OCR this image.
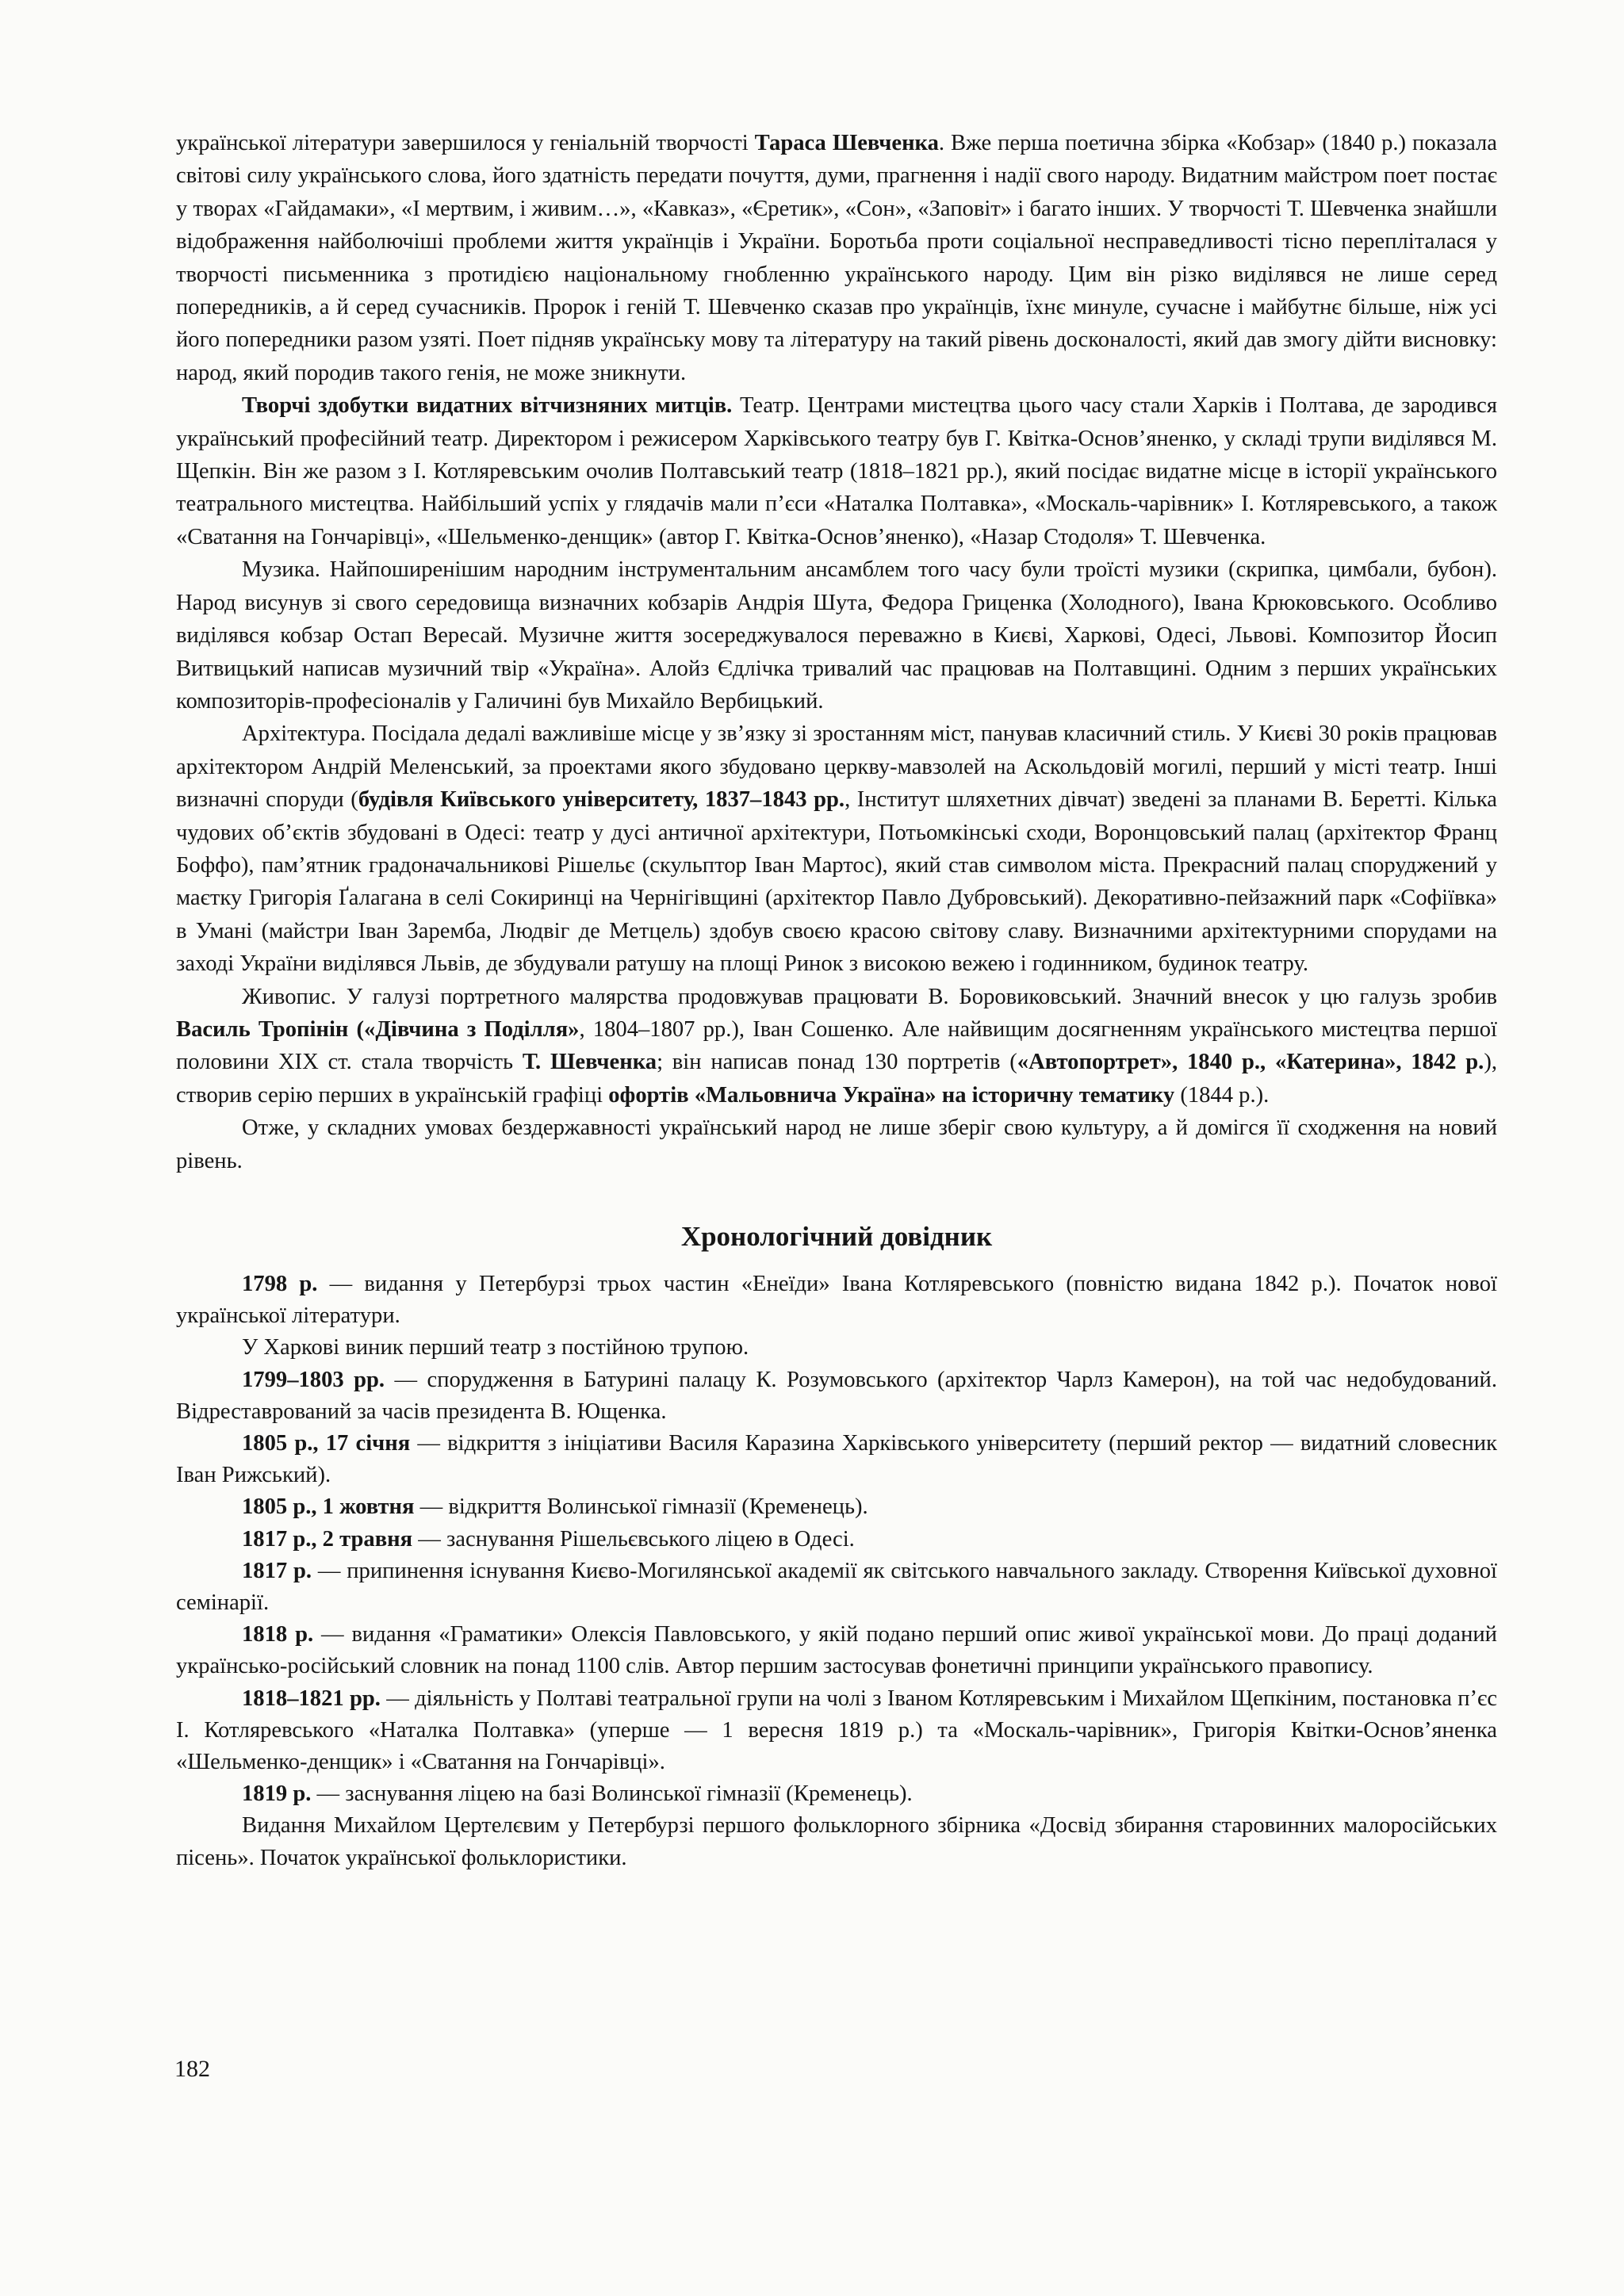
української літератури завершилося у геніальній творчості Тараса Шевченка. Вже перша поетична збірка «Кобзар» (1840 р.) показала світові силу українського слова, його здатність передати почуття, думи, прагнення і надії свого народу. Видатним майстром поет постає у творах «Гайдамаки», «І мертвим, і живим…», «Кавказ», «Єретик», «Сон», «Заповіт» і багато інших. У творчості Т. Шевченка знайшли відображення найболючіші проблеми життя українців і України. Боротьба проти соціальної несправедливості тісно перепліталася у творчості письменника з протидією національному гнобленню українського народу. Цим він різко виділявся не лише серед попередників, а й серед сучасників. Пророк і геній Т. Шевченко сказав про українців, їхнє минуле, сучасне і майбутнє більше, ніж усі його попередники разом узяті. Поет підняв українську мову та літературу на такий рівень досконалості, який дав змогу дійти висновку: народ, який породив такого генія, не може зникнути.

Творчі здобутки видатних вітчизняних митців. Театр. Центрами мистецтва цього часу стали Харків і Полтава, де зародився український професійний театр. Директором і режисером Харківського театру був Г. Квітка-Основ’яненко, у складі трупи виділявся М. Щепкін. Він же разом з І. Котляревським очолив Полтавський театр (1818–1821 рр.), який посідає видатне місце в історії українського театрального мистецтва. Найбільший успіх у глядачів мали п’єси «Наталка Полтавка», «Москаль-чарівник» І. Котляревського, а також «Сватання на Гончарівці», «Шельменко-денщик» (автор Г. Квітка-Основ’яненко), «Назар Стодоля» Т. Шевченка.

Музика. Найпоширенішим народним інструментальним ансамблем того часу були троїсті музики (скрипка, цимбали, бубон). Народ висунув зі свого середовища визначних кобзарів Андрія Шута, Федора Гриценка (Холодного), Івана Крюковського. Особливо виділявся кобзар Остап Вересай. Музичне життя зосереджувалося переважно в Києві, Харкові, Одесі, Львові. Композитор Йосип Витвицький написав музичний твір «Україна». Алойз Єдлічка тривалий час працював на Полтавщині. Одним з перших українських композиторів-професіоналів у Галичині був Михайло Вербицький.

Архітектура. Посідала дедалі важливіше місце у зв’язку зі зростанням міст, панував класичний стиль. У Києві 30 років працював архітектором Андрій Меленський, за проектами якого збудовано церкву-мавзолей на Аскольдовій могилі, перший у місті театр. Інші визначні споруди (будівля Київського університету, 1837–1843 рр., Інститут шляхетних дівчат) зведені за планами В. Беретті. Кілька чудових об’єктів збудовані в Одесі: театр у дусі античної архітектури, Потьомкінські сходи, Воронцовський палац (архітектор Франц Боффо), пам’ятник градоначальникові Рішельє (скульптор Іван Мартос), який став символом міста. Прекрасний палац споруджений у маєтку Григорія Ґалагана в селі Сокиринці на Чернігівщині (архітектор Павло Дубровський). Декоративно-пейзажний парк «Софіївка» в Умані (майстри Іван Заремба, Людвіг де Метцель) здобув своєю красою світову славу. Визначними архітектурними спорудами на заході України виділявся Львів, де збудували ратушу на площі Ринок з високою вежею і годинником, будинок театру.

Живопис. У галузі портретного малярства продовжував працювати В. Боровиковський. Значний внесок у цю галузь зробив Василь Тропінін («Дівчина з Поділля», 1804–1807 рр.), Іван Сошенко. Але найвищим досягненням українського мистецтва першої половини XIX ст. стала творчість Т. Шевченка; він написав понад 130 портретів («Автопортрет», 1840 р., «Катерина», 1842 р.), створив серію перших в українській графіці офортів «Мальовнича Україна» на історичну тематику (1844 р.).

Отже, у складних умовах бездержавності український народ не лише зберіг свою культуру, а й домігся її сходження на новий рівень.

Хронологічний довідник

1798 р. — видання у Петербурзі трьох частин «Енеїди» Івана Котляревського (повністю видана 1842 р.). Початок нової української літератури.

У Харкові виник перший театр з постійною трупою.

1799–1803 рр. — спорудження в Батурині палацу К. Розумовського (архітектор Чарлз Камерон), на той час недобудований. Відреставрований за часів президента В. Ющенка.

1805 р., 17 січня — відкриття з ініціативи Василя Каразина Харківського університету (перший ректор — видатний словесник Іван Рижський).

1805 р., 1 жовтня — відкриття Волинської гімназії (Кременець).

1817 р., 2 травня — заснування Рішельєвського ліцею в Одесі.

1817 р. — припинення існування Києво-Могилянської академії як світського навчального закладу. Створення Київської духовної семінарії.

1818 р. — видання «Граматики» Олексія Павловського, у якій подано перший опис живої української мови. До праці доданий українсько-російський словник на понад 1100 слів. Автор першим застосував фонетичні принципи українського правопису.

1818–1821 рр. — діяльність у Полтаві театральної групи на чолі з Іваном Котляревським і Михайлом Щепкіним, постановка п’єс І. Котляревського «Наталка Полтавка» (уперше — 1 вересня 1819 р.) та «Москаль-чарівник», Григорія Квітки-Основ’яненка «Шельменко-денщик» і «Сватання на Гончарівці».

1819 р. — заснування ліцею на базі Волинської гімназії (Кременець).

Видання Михайлом Цертелєвим у Петербурзі першого фольклорного збірника «Досвід збирання старовинних малоросійських пісень». Початок української фольклористики.

182
